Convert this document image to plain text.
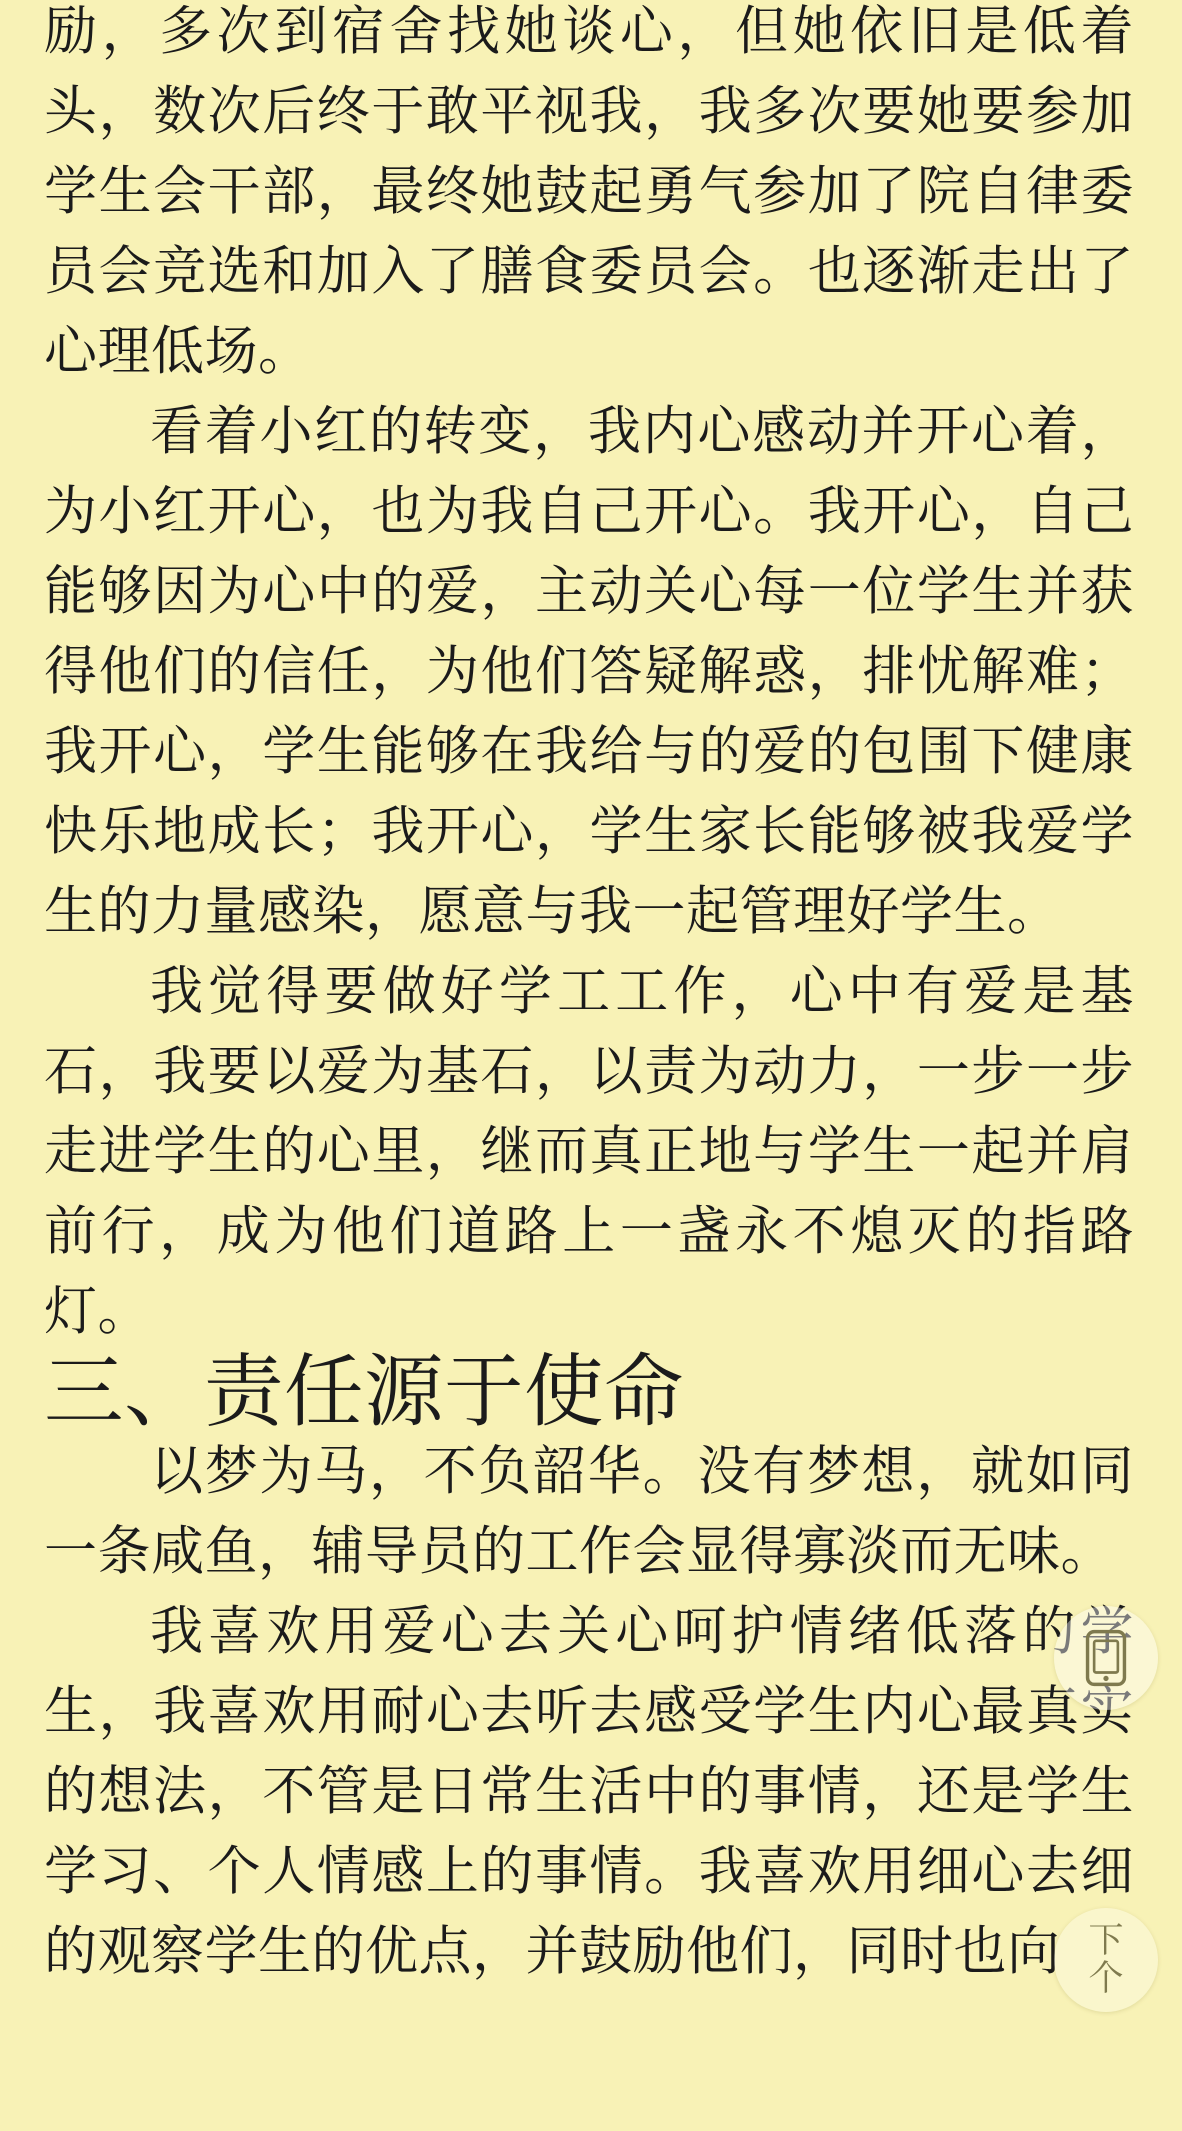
励，多次到宿舍找她谈心，但她依旧是低着头，数次后终于敢平视我，我多次要她要参加学生会干部，最终她鼓起勇气参加了院自律委员会竞选和加入了膳食委员会。也逐渐走出了心理低场。

看着小红的转变，我内心感动并开心着，为小红开心，也为我自己开心。我开心，自己能够因为心中的爱，主动关心每一位学生并获得他们的信任，为他们答疑解惑，排忧解难；我开心，学生能够在我给与的爱的包围下健康快乐地成长；我开心，学生家长能够被我爱学生的力量感染，愿意与我一起管理好学生。

我觉得要做好学工工作，心中有爱是基石，我要以爱为基石，以责为动力，一步一步走进学生的心里，继而真正地与学生一起并肩前行，成为他们道路上一盏永不熄灭的指路灯。

三、责任源于使命

以梦为马，不负韶华。没有梦想，就如同一条咸鱼，辅导员的工作会显得寡淡而无味。

我喜欢用爱心去关心呵护情绪低落的学生，我喜欢用耐心去听去感受学生内心最真实的想法，不管是日常生活中的事情，还是学生学习、个人情感上的事情。我喜欢用细心去细的观察学生的优点，并鼓励他们，同时也向 下
个
